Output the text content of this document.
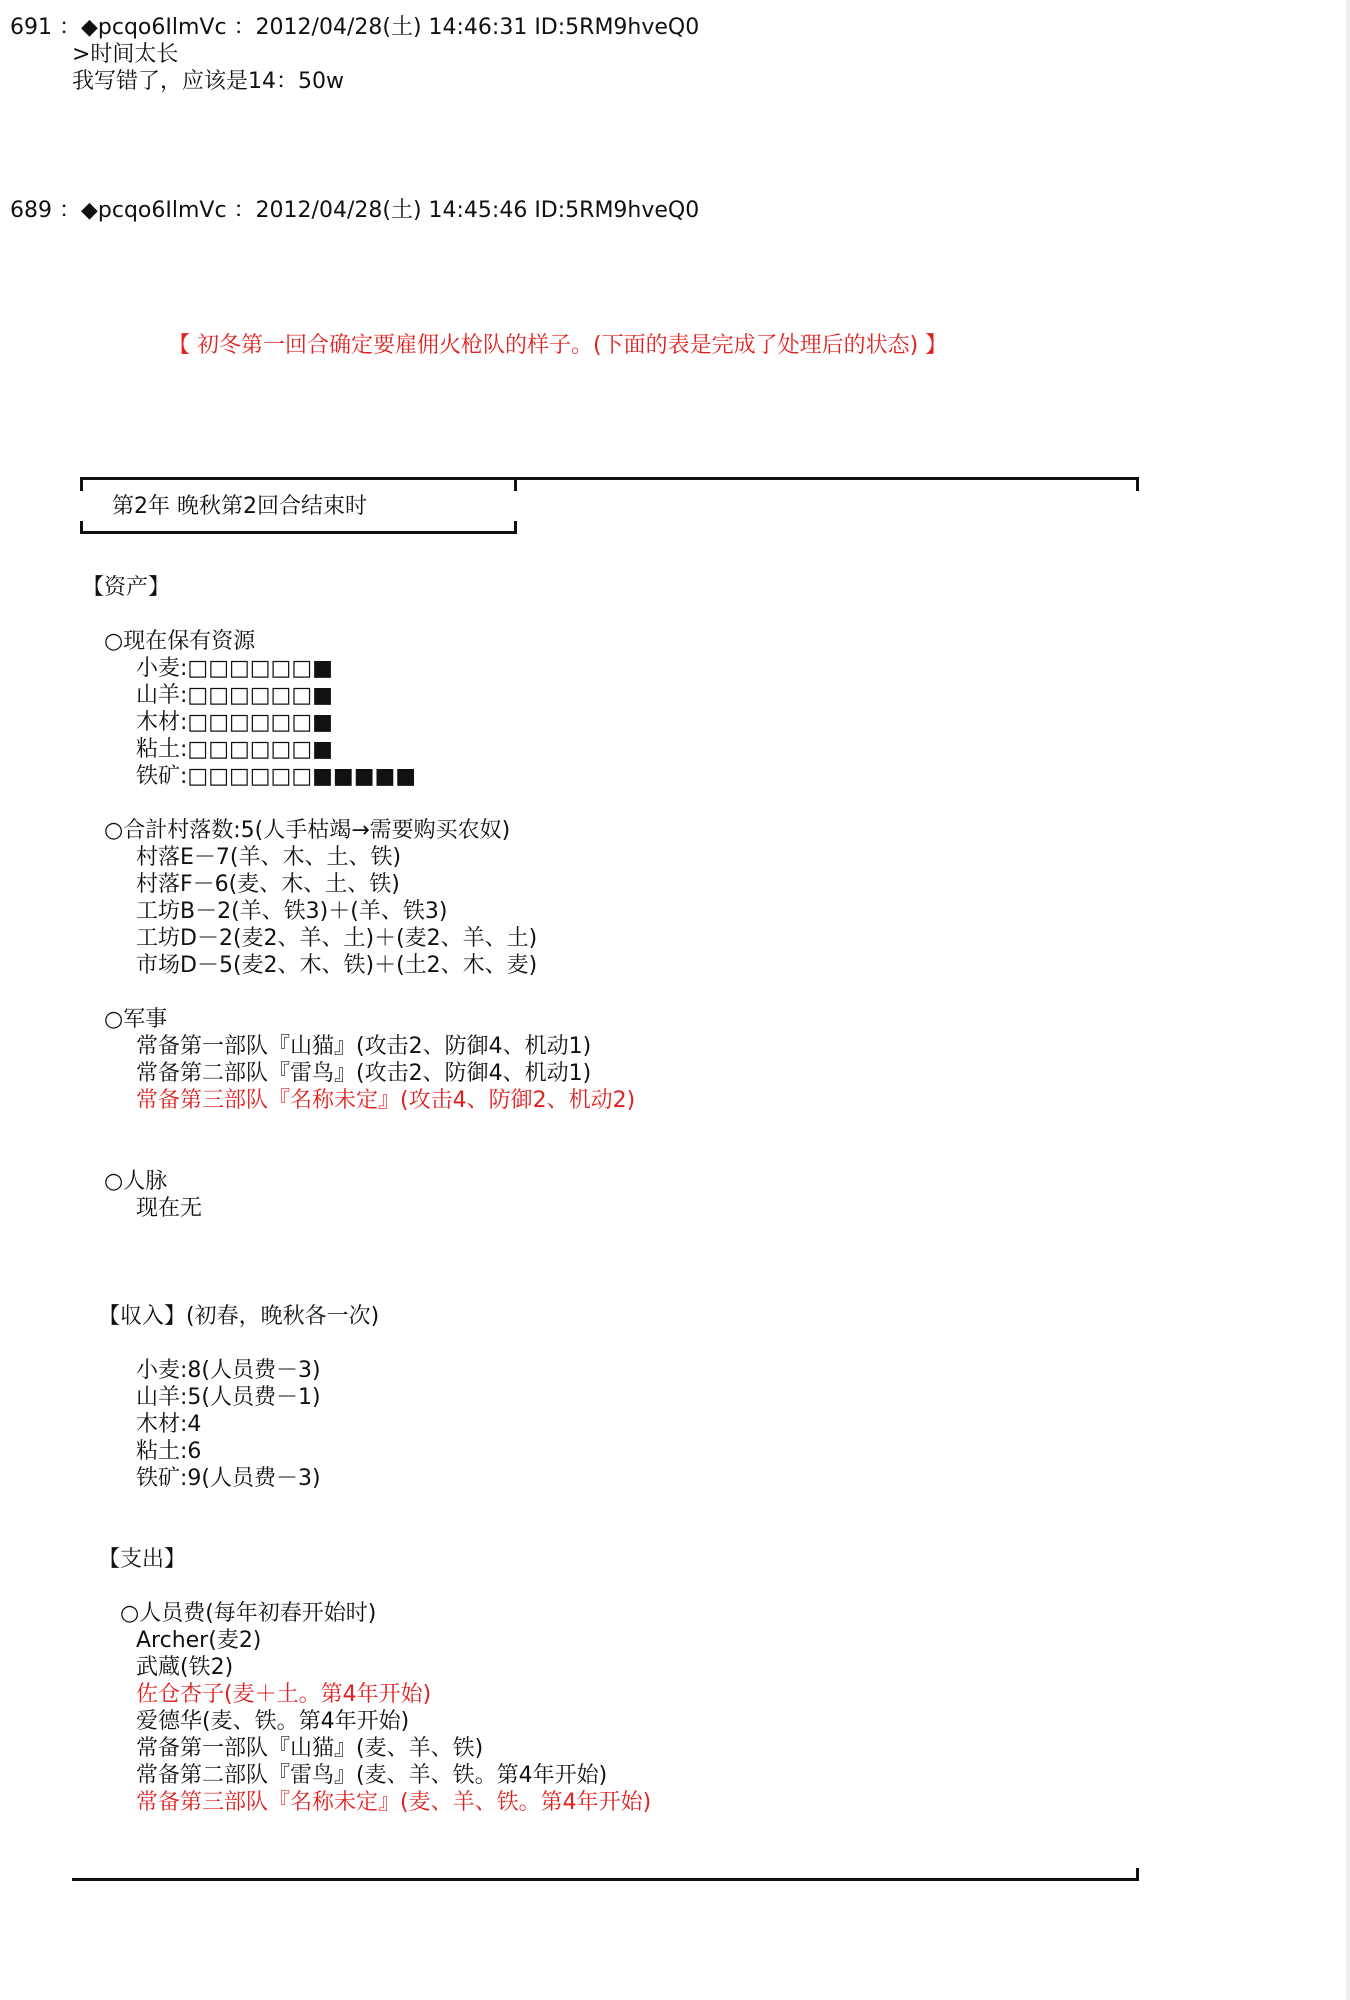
691 ：◆pcqo6IlmVc ：2012/04/28(土) 14:46:31 ID:5RM9hveQ0
>时间太长
我写错了，应该是14：50w
689 ：◆pcqo6IlmVc ：2012/04/28(土) 14:45:46 ID:5RM9hveQ0
【 初冬第一回合确定要雇佣火枪队的样子。(下面的表是完成了处理后的状态) 】
第2年 晚秋第2回合结束时
【资产】
○现在保有资源
小麦:□□□□□□■
山羊:□□□□□□■
木材:□□□□□□■
粘土:□□□□□□■
铁矿:□□□□□□■■■■■
○合計村落数:5(人手枯竭→需要购买农奴)
村落E－7(羊、木、土、铁)
村落F－6(麦、木、土、铁)
工坊B－2(羊、铁3)＋(羊、铁3)
工坊D－2(麦2、羊、土)＋(麦2、羊、土)
市场D－5(麦2、木、铁)＋(土2、木、麦)
○军事
常备第一部队『山猫』(攻击2、防御4、机动1)
常备第二部队『雷鸟』(攻击2、防御4、机动1)
常备第三部队『名称未定』(攻击4、防御2、机动2)
○人脉
现在无
【収入】(初春，晚秋各一次)
小麦:8(人员费－3)
山羊:5(人员费－1)
木材:4
粘土:6
铁矿:9(人员费－3)
【支出】
○人员费(每年初春开始时)
Archer(麦2)
武蔵(铁2)
佐仓杏子(麦＋土。第4年开始)
爱德华(麦、铁。第4年开始)
常备第一部队『山猫』(麦、羊、铁)
常备第二部队『雷鸟』(麦、羊、铁。第4年开始)
常备第三部队『名称未定』(麦、羊、铁。第4年开始)
